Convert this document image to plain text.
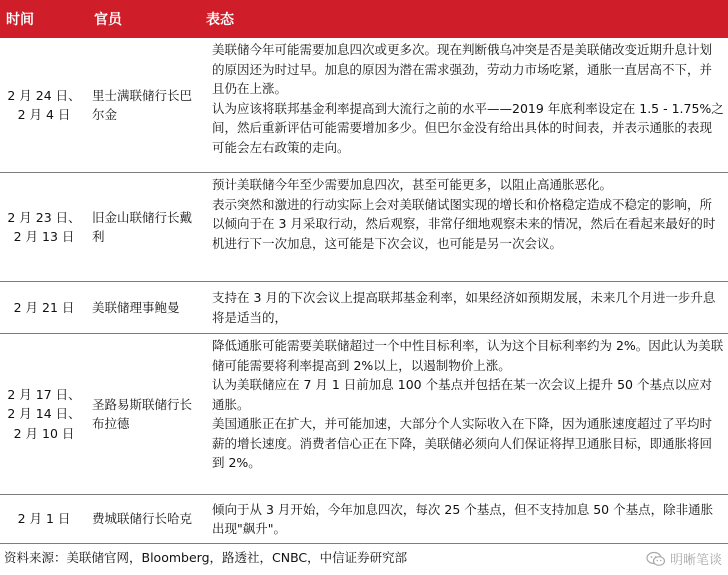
时间	官员	表态
2 月 24 日、2 月 4 日	里士满联储行长巴尔金	美联储今年可能需要加息四次或更多次。现在判断俄乌冲突是否是美联储改变近期升息计划的原因还为时过早。加息的原因为潜在需求强劲，劳动力市场吃紧，通胀一直居高不下，并且仍在上涨。

认为应该将联邦基金利率提高到大流行之前的水平——2019 年底利率设定在 1.5 - 1.75%之间，然后重新评估可能需要增加多少。但巴尔金没有给出具体的时间表，并表示通胀的表现可能会左右政策的走向。

2 月 23 日、2 月 13 日	旧金山联储行长戴利	预计美联储今年至少需要加息四次，甚至可能更多，以阻止高通胀恶化。

表示突然和激进的行动实际上会对美联储试图实现的增长和价格稳定造成不稳定的影响，所以倾向于在 3 月采取行动，然后观察，非常仔细地观察未来的情况，然后在看起来最好的时机进行下一次加息，这可能是下次会议，也可能是另一次会议。

2 月 21 日	美联储理事鲍曼	支持在 3 月的下次会议上提高联邦基金利率，如果经济如预期发展，未来几个月进一步升息将是适当的，

2 月 17 日、2 月 14 日、2 月 10 日	圣路易斯联储行长布拉德	降低通胀可能需要美联储超过一个中性目标利率，认为这个目标利率约为 2%。因此认为美联储可能需要将利率提高到 2%以上，以遏制物价上涨。

认为美联储应在 7 月 1 日前加息 100 个基点并包括在某一次会议上提升 50 个基点以应对通胀。

美国通胀正在扩大，并可能加速，大部分个人实际收入在下降，因为通胀速度超过了平均时薪的增长速度。消费者信心正在下降，美联储必须向人们保证将捍卫通胀目标，即通胀将回到 2%。

2 月 1 日	费城联储行长哈克	倾向于从 3 月开始，今年加息四次，每次 25 个基点，但不支持加息 50 个基点，除非通胀出现"飙升"。

资料来源：美联储官网，Bloomberg，路透社，CNBC，中信证券研究部	明晰笔谈
